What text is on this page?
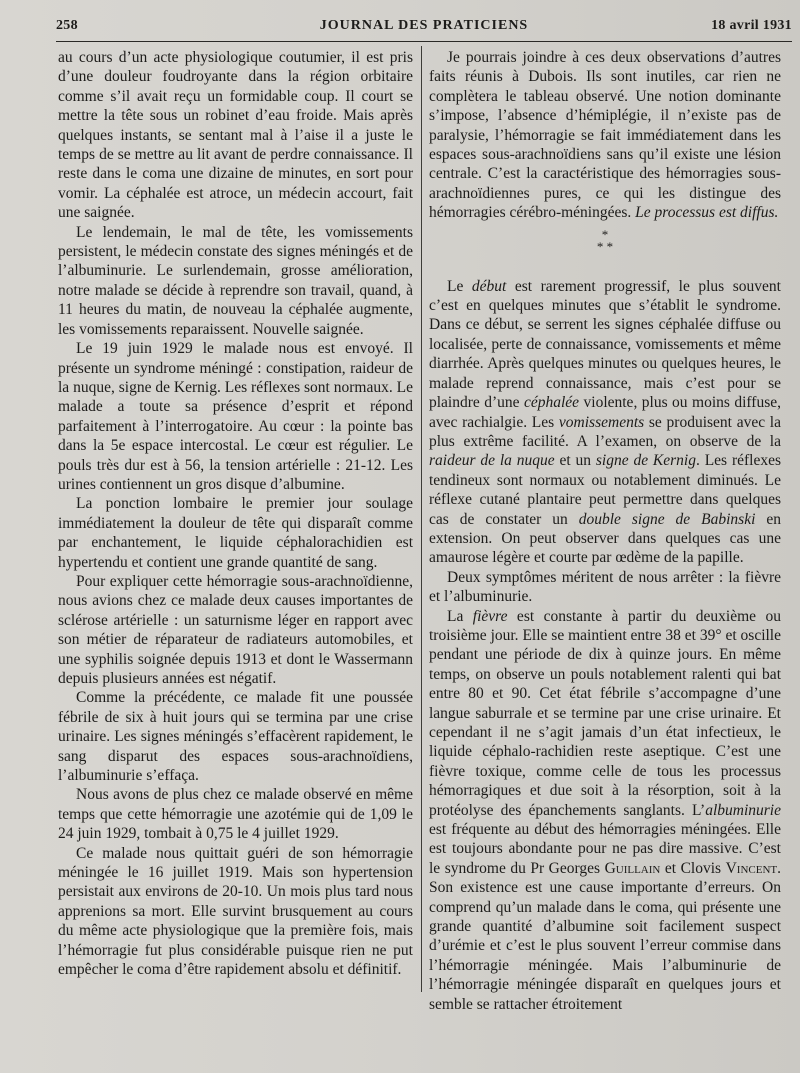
258	JOURNAL DES PRATICIENS	18 avril 1931

au cours d’un acte physiologique coutumier, il est pris d’une douleur foudroyante dans la région orbitaire comme s’il avait reçu un formidable coup. Il court se mettre la tête sous un robinet d’eau froide. Mais après quelques instants, se sentant mal à l’aise il a juste le temps de se mettre au lit avant de perdre connaissance. Il reste dans le coma une dizaine de minutes, en sort pour vomir. La céphalée est atroce, un médecin accourt, fait une saignée.

Le lendemain, le mal de tête, les vomissements persistent, le médecin constate des signes méningés et de l’albuminurie. Le surlendemain, grosse amélioration, notre malade se décide à reprendre son travail, quand, à 11 heures du matin, de nouveau la céphalée augmente, les vomissements reparaissent. Nouvelle saignée.

Le 19 juin 1929 le malade nous est envoyé. Il présente un syndrome méningé : constipation, raideur de la nuque, signe de Kernig. Les réflexes sont normaux. Le malade a toute sa présence d’esprit et répond parfaitement à l’interrogatoire. Au cœur : la pointe bas dans la 5e espace intercostal. Le cœur est régulier. Le pouls très dur est à 56, la tension artérielle : 21-12. Les urines contiennent un gros disque d’albumine.

La ponction lombaire le premier jour soulage immédiatement la douleur de tête qui disparaît comme par enchantement, le liquide céphalorachidien est hypertendu et contient une grande quantité de sang.

Pour expliquer cette hémorragie sous-arachnoïdienne, nous avions chez ce malade deux causes importantes de sclérose artérielle : un saturnisme léger en rapport avec son métier de réparateur de radiateurs automobiles, et une syphilis soignée depuis 1913 et dont le Wassermann depuis plusieurs années est négatif.

Comme la précédente, ce malade fit une poussée fébrile de six à huit jours qui se termina par une crise urinaire. Les signes méningés s’effacèrent rapidement, le sang disparut des espaces sous-arachnoïdiens, l’albuminurie s’effaça.

Nous avons de plus chez ce malade observé en même temps que cette hémorragie une azotémie qui de 1,09 le 24 juin 1929, tombait à 0,75 le 4 juillet 1929.

Ce malade nous quittait guéri de son hémorragie méningée le 16 juillet 1919. Mais son hypertension persistait aux environs de 20-10. Un mois plus tard nous apprenions sa mort. Elle survint brusquement au cours du même acte physiologique que la première fois, mais l’hémorragie fut plus considérable puisque rien ne put empêcher le coma d’être rapidement absolu et définitif.

Je pourrais joindre à ces deux observations d’autres faits réunis à Dubois. Ils sont inutiles, car rien ne complètera le tableau observé. Une notion dominante s’impose, l’absence d’hémiplégie, il n’existe pas de paralysie, l’hémorragie se fait immédiatement dans les espaces sous-arachnoïdiens sans qu’il existe une lésion centrale. C’est la caractéristique des hémorragies sous-arachnoïdiennes pures, ce qui les distingue des hémorragies cérébro-méningées. Le processus est diffus.

*
* *

Le début est rarement progressif, le plus souvent c’est en quelques minutes que s’établit le syndrome. Dans ce début, se serrent les signes céphalée diffuse ou localisée, perte de connaissance, vomissements et même diarrhée. Après quelques minutes ou quelques heures, le malade reprend connaissance, mais c’est pour se plaindre d’une céphalée violente, plus ou moins diffuse, avec rachialgie. Les vomissements se produisent avec la plus extrême facilité. A l’examen, on observe de la raideur de la nuque et un signe de Kernig. Les réflexes tendineux sont normaux ou notablement diminués. Le réflexe cutané plantaire peut permettre dans quelques cas de constater un double signe de Babinski en extension. On peut observer dans quelques cas une amaurose légère et courte par œdème de la papille.

Deux symptômes méritent de nous arrêter : la fièvre et l’albuminurie.

La fièvre est constante à partir du deuxième ou troisième jour. Elle se maintient entre 38 et 39° et oscille pendant une période de dix à quinze jours. En même temps, on observe un pouls notablement ralenti qui bat entre 80 et 90. Cet état fébrile s’accompagne d’une langue saburrale et se termine par une crise urinaire. Et cependant il ne s’agit jamais d’un état infectieux, le liquide céphalo-rachidien reste aseptique. C’est une fièvre toxique, comme celle de tous les processus hémorragiques et due soit à la résorption, soit à la protéolyse des épanchements sanglants. L’albuminurie est fréquente au début des hémorragies méningées. Elle est toujours abondante pour ne pas dire massive. C’est le syndrome du Pr Georges Guillain et Clovis Vincent. Son existence est une cause importante d’erreurs. On comprend qu’un malade dans le coma, qui présente une grande quantité d’albumine soit facilement suspect d’urémie et c’est le plus souvent l’erreur commise dans l’hémorragie méningée. Mais l’albuminurie de l’hémorragie méningée disparaît en quelques jours et semble se rattacher étroitement
